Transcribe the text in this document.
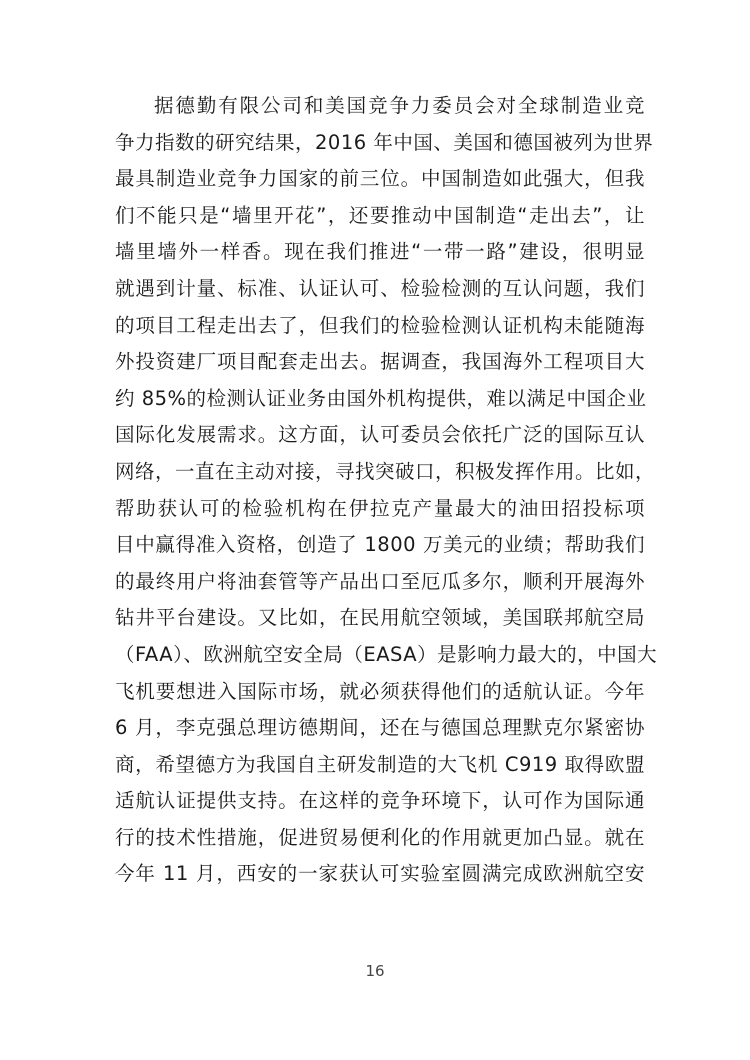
据德勤有限公司和美国竞争力委员会对全球制造业竞
争力指数的研究结果，2016 年中国、美国和德国被列为世界
最具制造业竞争力国家的前三位。中国制造如此强大，但我
们不能只是“墙里开花”，还要推动中国制造“走出去”，让
墙里墙外一样香。现在我们推进“一带一路”建设，很明显
就遇到计量、标准、认证认可、检验检测的互认问题，我们
的项目工程走出去了，但我们的检验检测认证机构未能随海
外投资建厂项目配套走出去。据调查，我国海外工程项目大
约 85%的检测认证业务由国外机构提供，难以满足中国企业
国际化发展需求。这方面，认可委员会依托广泛的国际互认
网络，一直在主动对接，寻找突破口，积极发挥作用。比如，
帮助获认可的检验机构在伊拉克产量最大的油田招投标项
目中赢得准入资格，创造了 1800 万美元的业绩；帮助我们
的最终用户将油套管等产品出口至厄瓜多尔，顺利开展海外
钻井平台建设。又比如，在民用航空领域，美国联邦航空局
（FAA）、欧洲航空安全局（EASA）是影响力最大的，中国大
飞机要想进入国际市场，就必须获得他们的适航认证。今年
6 月，李克强总理访德期间，还在与德国总理默克尔紧密协
商，希望德方为我国自主研发制造的大飞机 C919 取得欧盟
适航认证提供支持。在这样的竞争环境下，认可作为国际通
行的技术性措施，促进贸易便利化的作用就更加凸显。就在
今年 11 月，西安的一家获认可实验室圆满完成欧洲航空安
16
